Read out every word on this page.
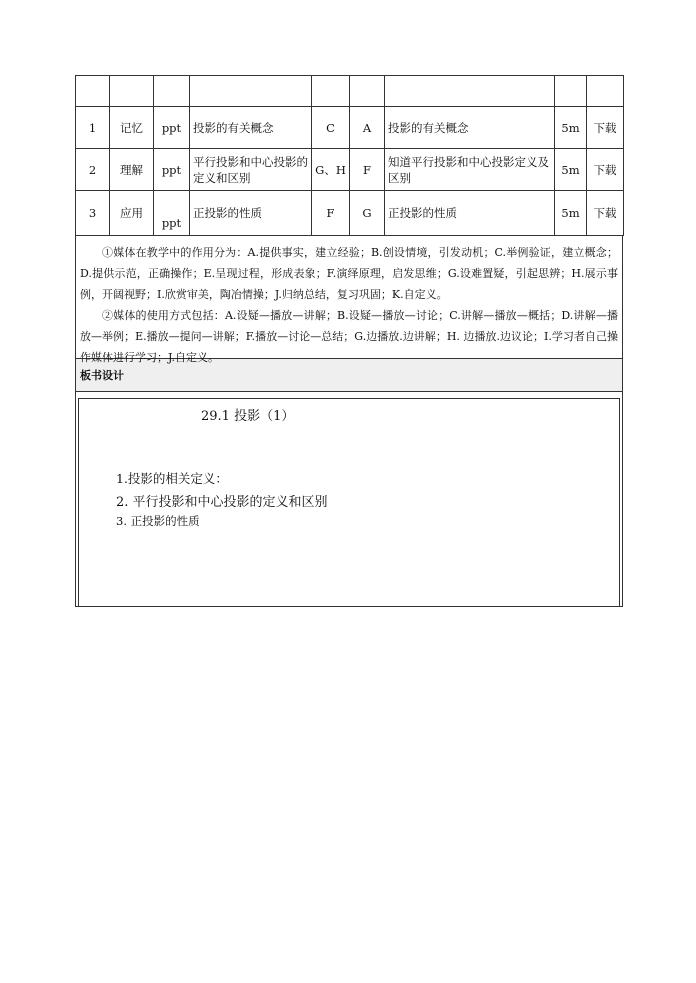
1	记忆	ppt	投影的有关概念	C	A	投影的有关概念	5m	下载
2	理解	ppt	平行投影和中心投影的定义和区别	G、H	F	知道平行投影和中心投影定义及区别	5m	下载
3	应用	ppt	正投影的性质	F	G	正投影的性质	5m	下载

①媒体在教学中的作用分为：A.提供事实，建立经验；B.创设情境，引发动机；C.举例验证，建立概念；D.提供示范，正确操作；E.呈现过程，形成表象；F.演绎原理，启发思维；G.设难置疑，引起思辨；H.展示事例，开阔视野；I.欣赏审美，陶冶情操；J.归纳总结，复习巩固；K.自定义。

②媒体的使用方式包括：A.设疑—播放—讲解；B.设疑—播放—讨论；C.讲解—播放—概括；D.讲解—播放—举例；E.播放—提问—讲解；F.播放—讨论—总结；G.边播放.边讲解；H. 边播放.边议论；I.学习者自己操作媒体进行学习；J.自定义。

板书设计
29.1 投影（1）
1.投影的相关定义：
2. 平行投影和中心投影的定义和区别
3. 正投影的性质
